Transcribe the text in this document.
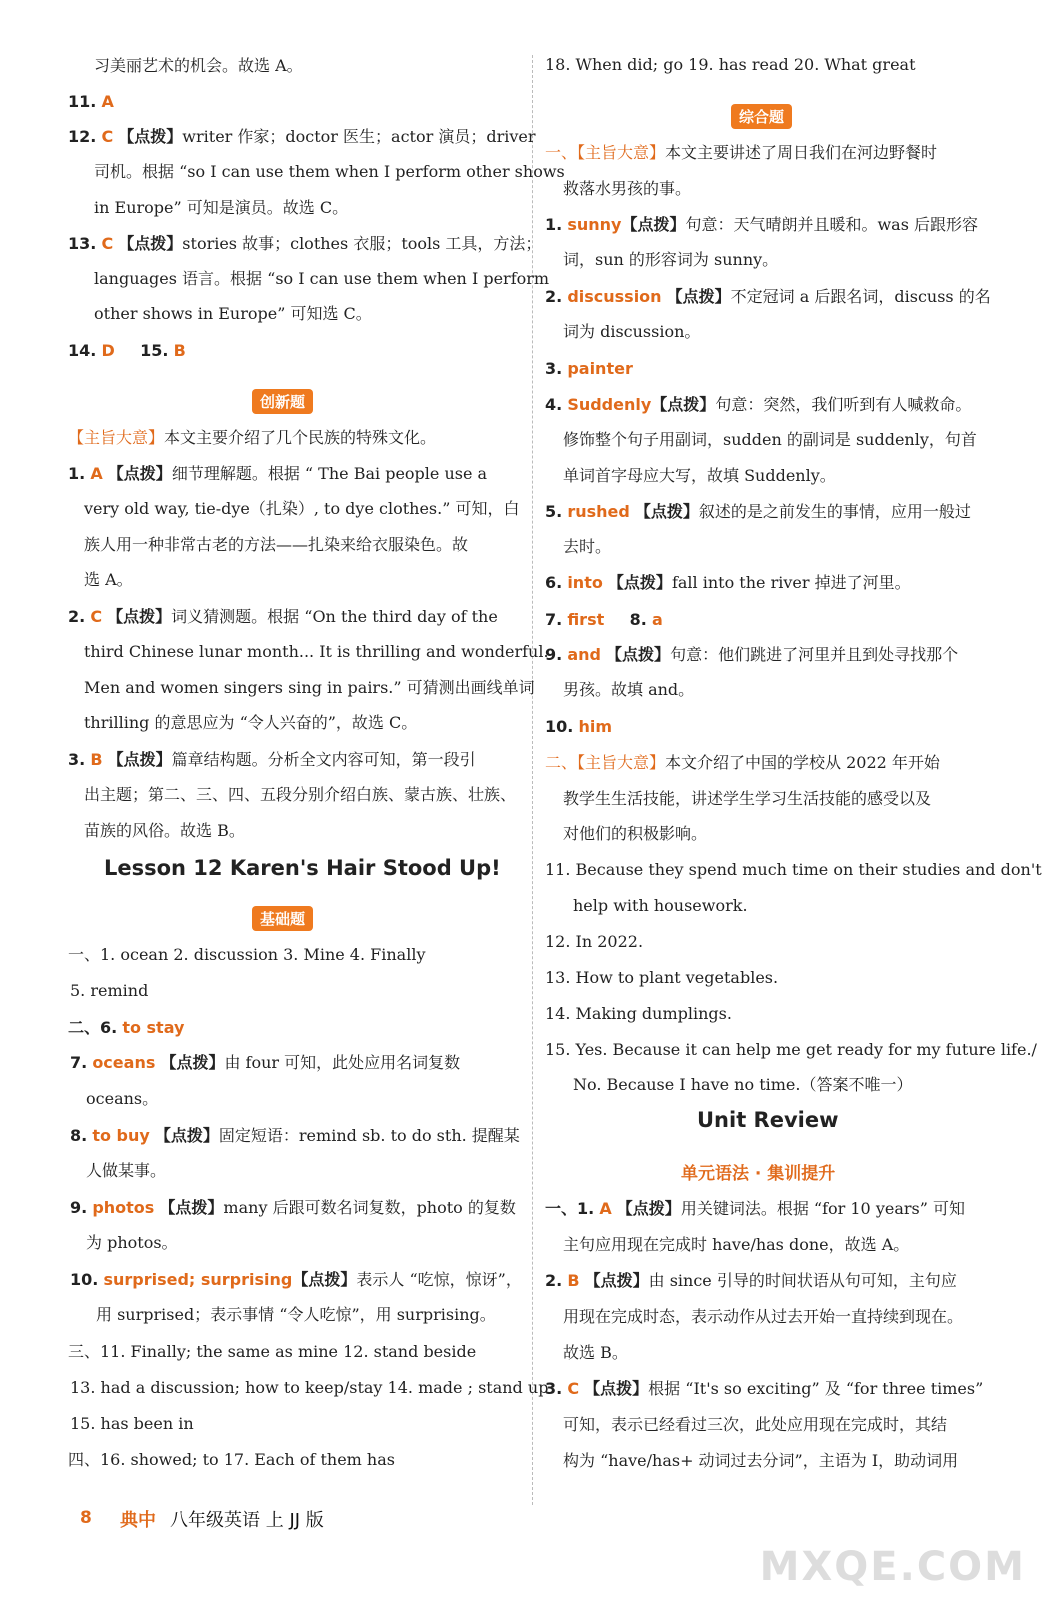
习美丽艺术的机会。故选 A。
11. A
12. C 【点拨】writer 作家；doctor 医生；actor 演员；driver
司机。根据 “so I can use them when I perform other shows
in Europe” 可知是演员。故选 C。
13. C 【点拨】stories 故事；clothes 衣服；tools 工具，方法；
languages 语言。根据 “so I can use them when I perform
other shows in Europe” 可知选 C。
14. D 15. B
创新题
【主旨大意】本文主要介绍了几个民族的特殊文化。
1. A 【点拨】细节理解题。根据 “ The Bai people use a
very old way, tie-dye（扎染）, to dye clothes.” 可知，白
族人用一种非常古老的方法——扎染来给衣服染色。故
选 A。
2. C 【点拨】词义猜测题。根据 “On the third day of the
third Chinese lunar month... It is thrilling and wonderful.
Men and women singers sing in pairs.” 可猜测出画线单词
thrilling 的意思应为 “令人兴奋的”，故选 C。
3. B 【点拨】篇章结构题。分析全文内容可知，第一段引
出主题；第二、三、四、五段分别介绍白族、蒙古族、壮族、
苗族的风俗。故选 B。
Lesson 12 Karen's Hair Stood Up!
基础题
一、1. ocean 2. discussion 3. Mine 4. Finally
5. remind
二、6. to stay
7. oceans 【点拨】由 four 可知，此处应用名词复数
oceans。
8. to buy 【点拨】固定短语：remind sb. to do sth. 提醒某
人做某事。
9. photos 【点拨】many 后跟可数名词复数，photo 的复数
为 photos。
10. surprised; surprising【点拨】表示人 “吃惊，惊讶”，
用 surprised；表示事情 “令人吃惊”，用 surprising。
三、11. Finally; the same as mine 12. stand beside
13. had a discussion; how to keep/stay 14. made ; stand up
15. has been in
四、16. showed; to 17. Each of them has
18. When did; go 19. has read 20. What great
综合题
一、【主旨大意】本文主要讲述了周日我们在河边野餐时
救落水男孩的事。
1. sunny【点拨】句意：天气晴朗并且暖和。was 后跟形容
词，sun 的形容词为 sunny。
2. discussion 【点拨】不定冠词 a 后跟名词，discuss 的名
词为 discussion。
3. painter
4. Suddenly【点拨】句意：突然，我们听到有人喊救命。
修饰整个句子用副词，sudden 的副词是 suddenly，句首
单词首字母应大写，故填 Suddenly。
5. rushed 【点拨】叙述的是之前发生的事情，应用一般过
去时。
6. into 【点拨】fall into the river 掉进了河里。
7. first 8. a
9. and 【点拨】句意：他们跳进了河里并且到处寻找那个
男孩。故填 and。
10. him
二、【主旨大意】本文介绍了中国的学校从 2022 年开始
教学生生活技能，讲述学生学习生活技能的感受以及
对他们的积极影响。
11. Because they spend much time on their studies and don't
help with housework.
12. In 2022.
13. How to plant vegetables.
14. Making dumplings.
15. Yes. Because it can help me get ready for my future life./
No. Because I have no time.（答案不唯一）
Unit Review
单元语法 · 集训提升
一、1. A 【点拨】用关键词法。根据 “for 10 years” 可知
主句应用现在完成时 have/has done，故选 A。
2. B 【点拨】由 since 引导的时间状语从句可知，主句应
用现在完成时态，表示动作从过去开始一直持续到现在。
故选 B。
3. C 【点拨】根据 “It's so exciting” 及 “for three times”
可知，表示已经看过三次，此处应用现在完成时，其结
构为 “have/has+ 动词过去分词”，主语为 I，助动词用
8 典中 八年级英语 上 JJ 版
MXQE.COM
